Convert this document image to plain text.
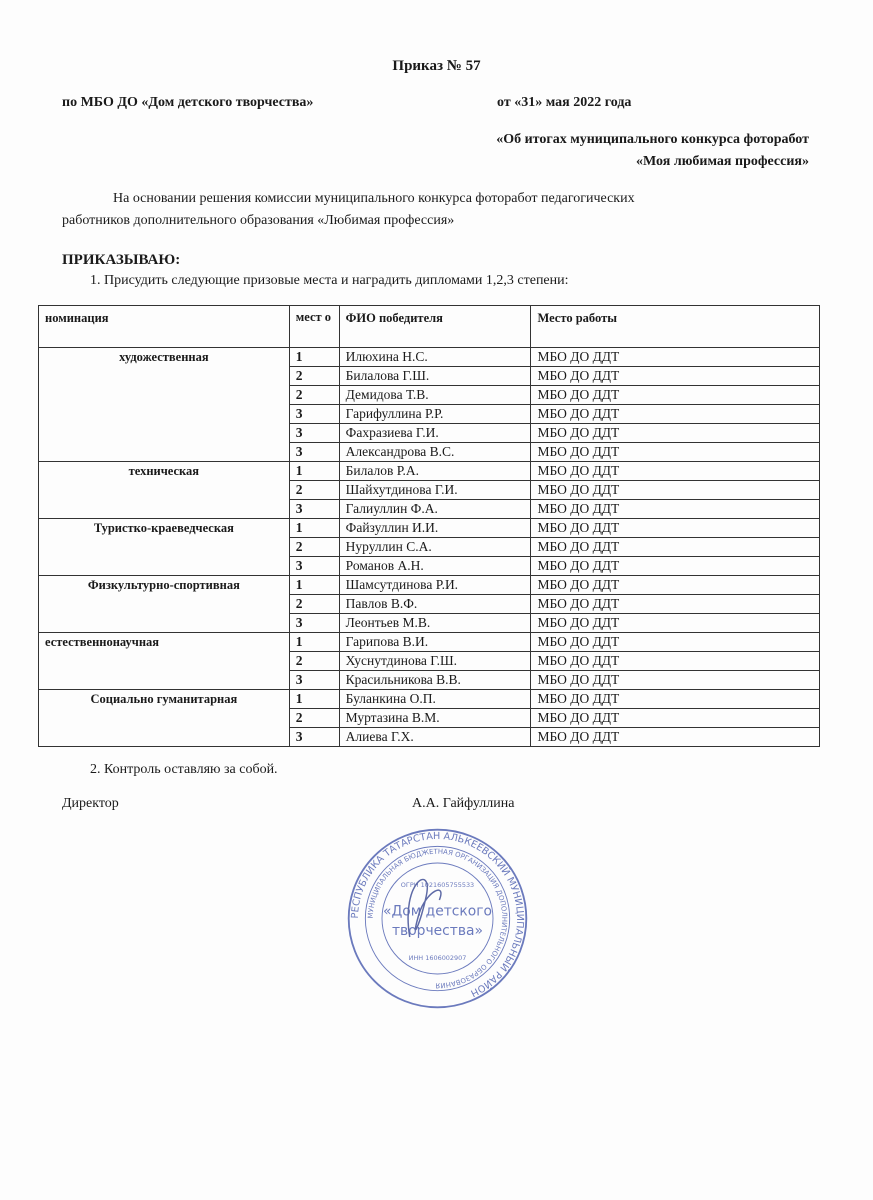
Приказ № 57
по МБО ДО «Дом детского творчества»	от «31» мая 2022 года
«Об итогах муниципального конкурса фоторабот
«Моя любимая профессия»
На основании решения комиссии муниципального конкурса фоторабот педагогических
работников дополнительного образования «Любимая профессия»
ПРИКАЗЫВАЮ:
1. Присудить следующие призовые места и наградить дипломами 1,2,3 степени:
номинация	мест о	ФИО победителя	Место работы
художественная	1	Илюхина Н.С.	МБО ДО ДДТ
	2	Билалова Г.Ш.	МБО ДО ДДТ
	2	Демидова Т.В.	МБО ДО ДДТ
	3	Гарифуллина Р.Р.	МБО ДО ДДТ
	3	Фахразиева Г.И.	МБО ДО ДДТ
	3	Александрова В.С.	МБО ДО ДДТ
техническая	1	Билалов Р.А.	МБО ДО ДДТ
	2	Шайхутдинова Г.И.	МБО ДО ДДТ
	3	Галиуллин Ф.А.	МБО ДО ДДТ
Туристко-краеведческая	1	Файзуллин И.И.	МБО ДО ДДТ
	2	Нуруллин С.А.	МБО ДО ДДТ
	3	Романов А.Н.	МБО ДО ДДТ
Физкультурно-спортивная	1	Шамсутдинова Р.И.	МБО ДО ДДТ
	2	Павлов В.Ф.	МБО ДО ДДТ
	3	Леонтьев М.В.	МБО ДО ДДТ
естественнонаучная	1	Гарипова В.И.	МБО ДО ДДТ
	2	Хуснутдинова Г.Ш.	МБО ДО ДДТ
	3	Красильникова В.В.	МБО ДО ДДТ
Социально гуманитарная	1	Буланкина О.П.	МБО ДО ДДТ
	2	Муртазина В.М.	МБО ДО ДДТ
	3	Алиева Г.Х.	МБО ДО ДДТ
2. Контроль оставляю за собой.
Директор	А.А. Гайфуллина
РЕСПУБЛИКА ТАТАРСТАН АЛЬКЕЕВСКИЙ МУНИЦИПАЛЬНЫЙ РАЙОН
МУНИЦИПАЛЬНАЯ БЮДЖЕТНАЯ ОРГАНИЗАЦИЯ ДОПОЛНИТЕЛЬНОГО ОБРАЗОВАНИЯ
«Дом детского
творчества»
ОГРН 1021605755533
ИНН 1606002907
